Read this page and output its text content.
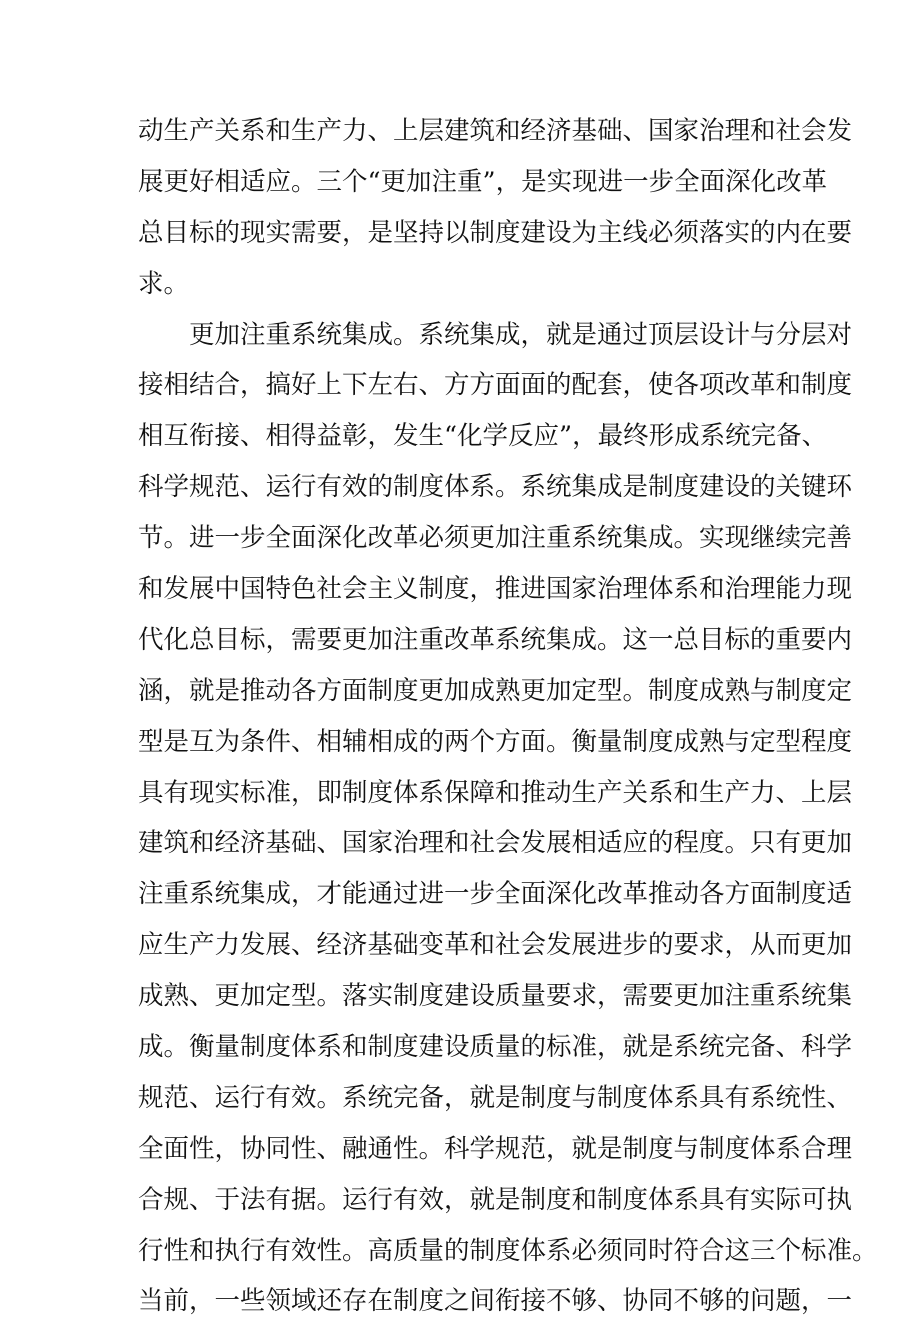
动生产关系和生产力、上层建筑和经济基础、国家治理和社会发
展更好相适应。三个“更加注重”，是实现进一步全面深化改革
总目标的现实需要，是坚持以制度建设为主线必须落实的内在要
求。
更加注重系统集成。系统集成，就是通过顶层设计与分层对
接相结合，搞好上下左右、方方面面的配套，使各项改革和制度
相互衔接、相得益彰，发生“化学反应”，最终形成系统完备、
科学规范、运行有效的制度体系。系统集成是制度建设的关键环
节。进一步全面深化改革必须更加注重系统集成。实现继续完善
和发展中国特色社会主义制度，推进国家治理体系和治理能力现
代化总目标，需要更加注重改革系统集成。这一总目标的重要内
涵，就是推动各方面制度更加成熟更加定型。制度成熟与制度定
型是互为条件、相辅相成的两个方面。衡量制度成熟与定型程度
具有现实标准，即制度体系保障和推动生产关系和生产力、上层
建筑和经济基础、国家治理和社会发展相适应的程度。只有更加
注重系统集成，才能通过进一步全面深化改革推动各方面制度适
应生产力发展、经济基础变革和社会发展进步的要求，从而更加
成熟、更加定型。落实制度建设质量要求，需要更加注重系统集
成。衡量制度体系和制度建设质量的标准，就是系统完备、科学
规范、运行有效。系统完备，就是制度与制度体系具有系统性、
全面性，协同性、融通性。科学规范，就是制度与制度体系合理
合规、于法有据。运行有效，就是制度和制度体系具有实际可执
行性和执行有效性。高质量的制度体系必须同时符合这三个标准。
当前，一些领域还存在制度之间衔接不够、协同不够的问题，一
